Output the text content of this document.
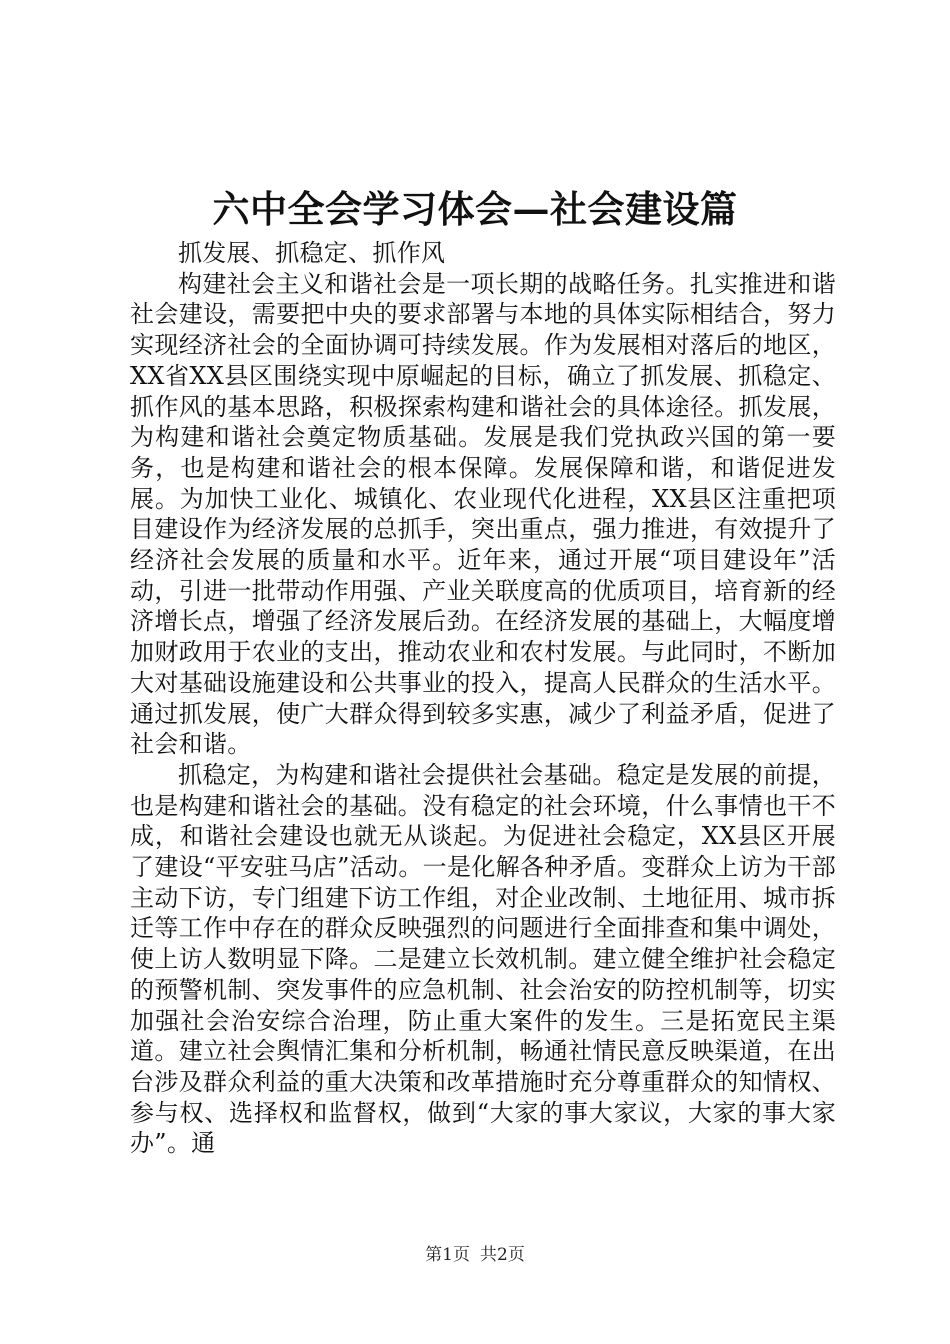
六中全会学习体会—社会建设篇

抓发展、抓稳定、抓作风

构建社会主义和谐社会是一项长期的战略任务。扎实推进和谐社会建设，需要把中央的要求部署与本地的具体实际相结合，努力实现经济社会的全面协调可持续发展。作为发展相对落后的地区，XX省XX县区围绕实现中原崛起的目标，确立了抓发展、抓稳定、抓作风的基本思路，积极探索构建和谐社会的具体途径。抓发展，为构建和谐社会奠定物质基础。发展是我们党执政兴国的第一要务，也是构建和谐社会的根本保障。发展保障和谐，和谐促进发展。为加快工业化、城镇化、农业现代化进程，XX县区注重把项目建设作为经济发展的总抓手，突出重点，强力推进，有效提升了经济社会发展的质量和水平。近年来，通过开展“项目建设年”活动，引进一批带动作用强、产业关联度高的优质项目，培育新的经济增长点，增强了经济发展后劲。在经济发展的基础上，大幅度增加财政用于农业的支出，推动农业和农村发展。与此同时，不断加大对基础设施建设和公共事业的投入，提高人民群众的生活水平。通过抓发展，使广大群众得到较多实惠，减少了利益矛盾，促进了社会和谐。

抓稳定，为构建和谐社会提供社会基础。稳定是发展的前提，也是构建和谐社会的基础。没有稳定的社会环境，什么事情也干不成，和谐社会建设也就无从谈起。为促进社会稳定，XX县区开展了建设“平安驻马店”活动。一是化解各种矛盾。变群众上访为干部主动下访，专门组建下访工作组，对企业改制、土地征用、城市拆迁等工作中存在的群众反映强烈的问题进行全面排查和集中调处，使上访人数明显下降。二是建立长效机制。建立健全维护社会稳定的预警机制、突发事件的应急机制、社会治安的防控机制等，切实加强社会治安综合治理，防止重大案件的发生。三是拓宽民主渠道。建立社会舆情汇集和分析机制，畅通社情民意反映渠道，在出台涉及群众利益的重大决策和改革措施时充分尊重群众的知情权、参与权、选择权和监督权，做到“大家的事大家议，大家的事大家办”。通

第1页 共2页
